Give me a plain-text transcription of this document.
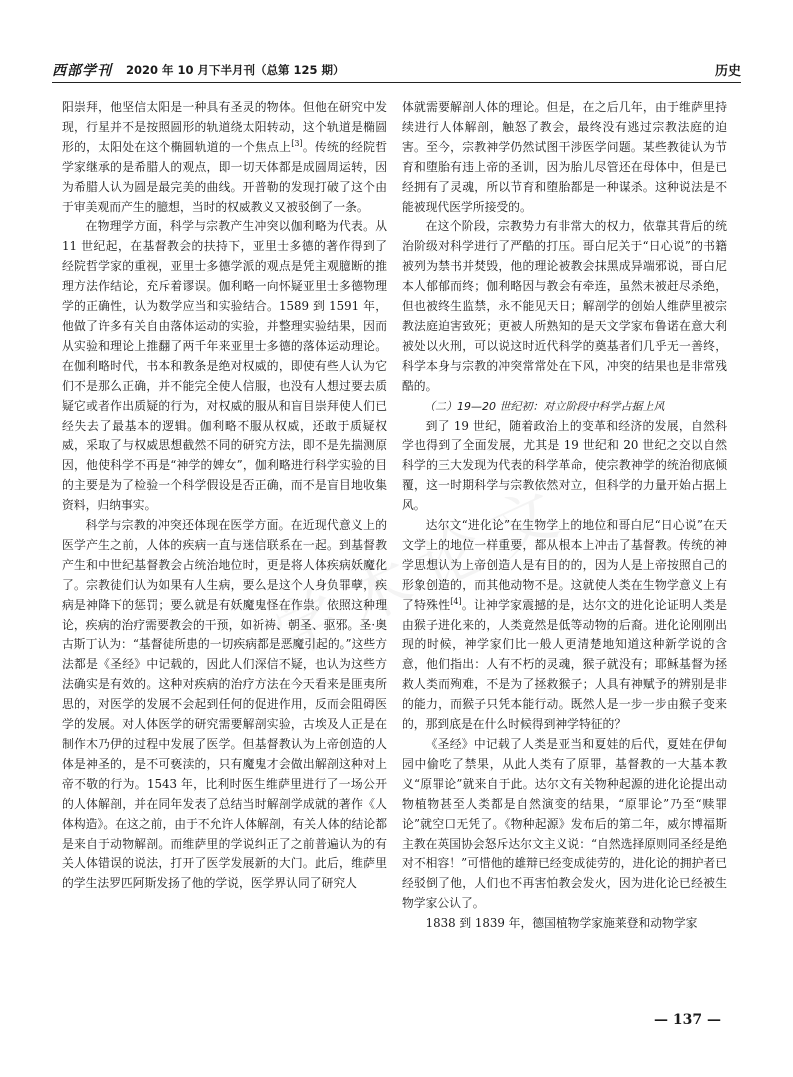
西部学刊 2020 年 10 月下半月刊（总第 125 期）	历史

阳崇拜，他坚信太阳是一种具有圣灵的物体。但他在研究中发现，行星并不是按照圆形的轨道绕太阳转动，这个轨道是椭圆形的，太阳处在这个椭圆轨道的一个焦点上[3]。传统的经院哲学家继承的是希腊人的观点，即一切天体都是成圆周运转，因为希腊人认为圆是最完美的曲线。开普勒的发现打破了这个由于审美观而产生的臆想，当时的权威教义又被驳倒了一条。

在物理学方面，科学与宗教产生冲突以伽利略为代表。从 11 世纪起，在基督教会的扶持下，亚里士多德的著作得到了经院哲学家的重视，亚里士多德学派的观点是凭主观臆断的推理方法作结论，充斥着谬误。伽利略一向怀疑亚里士多德物理学的正确性，认为数学应当和实验结合。1589 到 1591 年，他做了许多有关自由落体运动的实验，并整理实验结果，因而从实验和理论上推翻了两千年来亚里士多德的落体运动理论。在伽利略时代，书本和教条是绝对权威的，即使有些人认为它们不是那么正确，并不能完全使人信服，也没有人想过要去质疑它或者作出质疑的行为，对权威的服从和盲目崇拜使人们已经失去了最基本的逻辑。伽利略不服从权威，还敢于质疑权威，采取了与权威思想截然不同的研究方法，即不是先揣测原因，他使科学不再是“神学的婢女”，伽利略进行科学实验的目的主要是为了检验一个科学假设是否正确，而不是盲目地收集资料，归纳事实。

科学与宗教的冲突还体现在医学方面。在近现代意义上的医学产生之前，人体的疾病一直与迷信联系在一起。到基督教产生和中世纪基督教会占统治地位时，更是将人体疾病妖魔化了。宗教徒们认为如果有人生病，要么是这个人身负罪孽，疾病是神降下的惩罚；要么就是有妖魔鬼怪在作祟。依照这种理论，疾病的治疗需要教会的干预，如祈祷、朝圣、驱邪。圣·奥古斯丁认为：“基督徒所患的一切疾病都是恶魔引起的。”这些方法都是《圣经》中记载的，因此人们深信不疑，也认为这些方法确实是有效的。这种对疾病的治疗方法在今天看来是匪夷所思的，对医学的发展不会起到任何的促进作用，反而会阻碍医学的发展。对人体医学的研究需要解剖实验，古埃及人正是在制作木乃伊的过程中发展了医学。但基督教认为上帝创造的人体是神圣的，是不可亵渎的，只有魔鬼才会做出解剖这种对上帝不敬的行为。1543 年，比利时医生维萨里进行了一场公开的人体解剖，并在同年发表了总结当时解剖学成就的著作《人体构造》。在这之前，由于不允许人体解剖，有关人体的结论都是来自于动物解剖。而维萨里的学说纠正了之前普遍认为的有关人体错误的说法，打开了医学发展新的大门。此后，维萨里的学生法罗匹阿斯发扬了他的学说，医学界认同了研究人

体就需要解剖人体的理论。但是，在之后几年，由于维萨里持续进行人体解剖，触怒了教会，最终没有逃过宗教法庭的迫害。至今，宗教神学仍然试图干涉医学问题。某些教徒认为节育和堕胎有违上帝的圣训，因为胎儿尽管还在母体中，但是已经拥有了灵魂，所以节育和堕胎都是一种谋杀。这种说法是不能被现代医学所接受的。

在这个阶段，宗教势力有非常大的权力，依靠其背后的统治阶级对科学进行了严酷的打压。哥白尼关于“日心说”的书籍被列为禁书并焚毁，他的理论被教会抹黑成异端邪说，哥白尼本人郁郁而终；伽利略因与教会有牵连，虽然未被赶尽杀绝，但也被终生监禁，永不能见天日；解剖学的创始人维萨里被宗教法庭迫害致死；更被人所熟知的是天文学家布鲁诺在意大利被处以火刑，可以说这时近代科学的奠基者们几乎无一善终，科学本身与宗教的冲突常常处在下风，冲突的结果也是非常残酷的。

（二）19—20 世纪初：对立阶段中科学占据上风

到了 19 世纪，随着政治上的变革和经济的发展，自然科学也得到了全面发展，尤其是 19 世纪和 20 世纪之交以自然科学的三大发现为代表的科学革命，使宗教神学的统治彻底倾覆，这一时期科学与宗教依然对立，但科学的力量开始占据上风。

达尔文“进化论”在生物学上的地位和哥白尼“日心说”在天文学上的地位一样重要，都从根本上冲击了基督教。传统的神学思想认为上帝创造人是有目的的，因为人是上帝按照自己的形象创造的，而其他动物不是。这就使人类在生物学意义上有了特殊性[4]。让神学家震撼的是，达尔文的进化论证明人类是由猴子进化来的，人类竟然是低等动物的后裔。进化论刚刚出现的时候，神学家们比一般人更清楚地知道这种新学说的含意，他们指出：人有不朽的灵魂，猴子就没有；耶稣基督为拯救人类而殉难，不是为了拯救猴子；人具有神赋予的辨别是非的能力，而猴子只凭本能行动。既然人是一步一步由猴子变来的，那到底是在什么时候得到神学特征的？

《圣经》中记载了人类是亚当和夏娃的后代，夏娃在伊甸园中偷吃了禁果，从此人类有了原罪，基督教的一大基本教义“原罪论”就来自于此。达尔文有关物种起源的进化论提出动物植物甚至人类都是自然演变的结果，“原罪论”乃至“赎罪论”就空口无凭了。《物种起源》发布后的第二年，威尔博福斯主教在英国协会怒斥达尔文主义说：“自然选择原则同圣经是绝对不相容！”可惜他的雄辩已经变成徒劳的，进化论的拥护者已经驳倒了他，人们也不再害怕教会发火，因为进化论已经被生物学家公认了。

1838 到 1839 年，德国植物学家施莱登和动物学家

— 137 —
